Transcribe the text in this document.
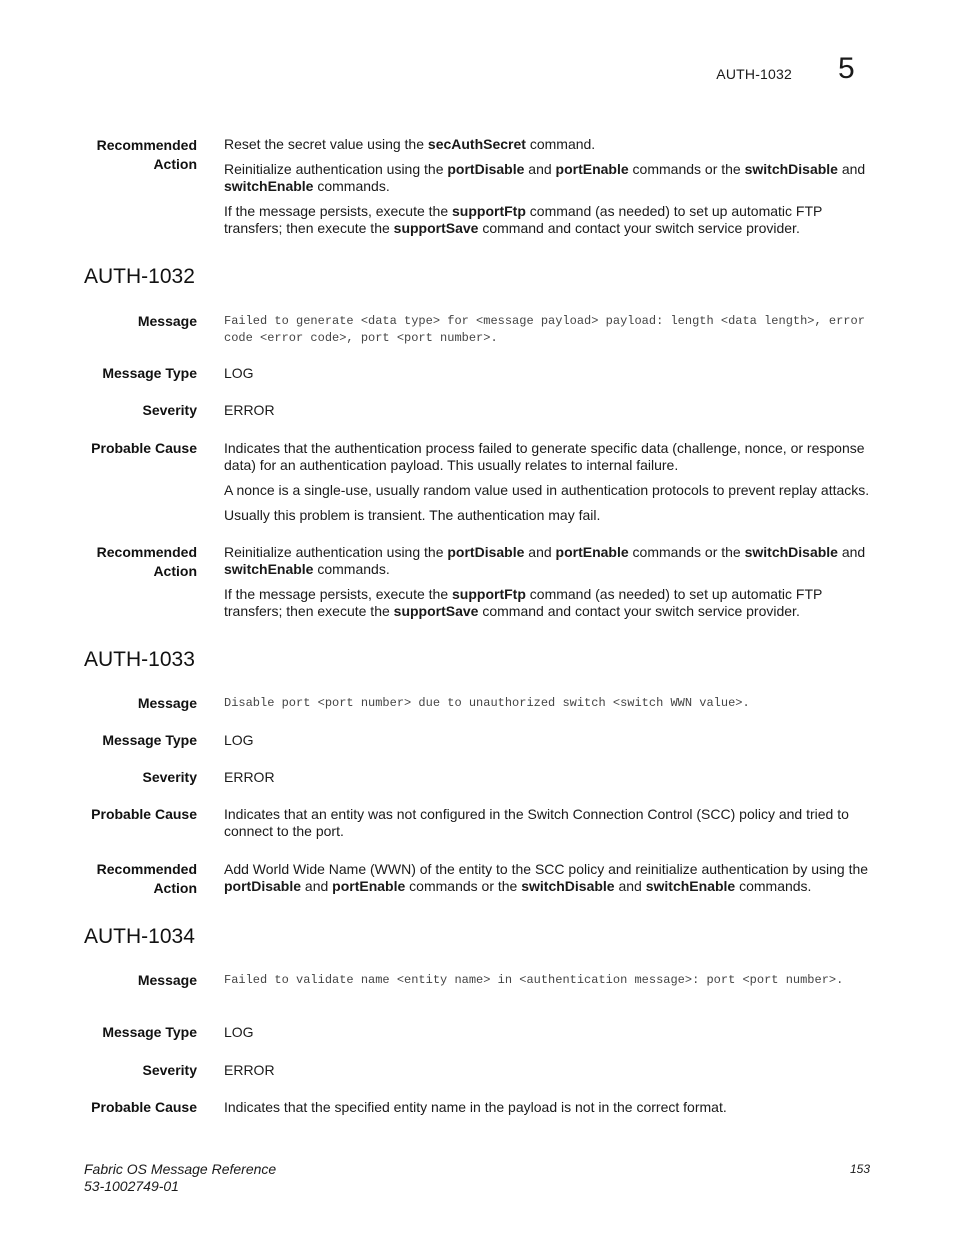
AUTH-1032 5
Recommended Action

Reset the secret value using the secAuthSecret command.

Reinitialize authentication using the portDisable and portEnable commands or the switchDisable and switchEnable commands.

If the message persists, execute the supportFtp command (as needed) to set up automatic FTP transfers; then execute the supportSave command and contact your switch service provider.

AUTH-1032
Message Failed to generate <data type> for <message payload> payload: length <data length>, error code <error code>, port <port number>.
Message Type LOG
Severity ERROR
Probable Cause Indicates that the authentication process failed to generate specific data (challenge, nonce, or response data) for an authentication payload. This usually relates to internal failure.

A nonce is a single-use, usually random value used in authentication protocols to prevent replay attacks.

Usually this problem is transient. The authentication may fail.

Recommended Action

Reinitialize authentication using the portDisable and portEnable commands or the switchDisable and switchEnable commands.

If the message persists, execute the supportFtp command (as needed) to set up automatic FTP transfers; then execute the supportSave command and contact your switch service provider.

AUTH-1033
Message Disable port <port number> due to unauthorized switch <switch WWN value>.
Message Type LOG
Severity ERROR
Probable Cause Indicates that an entity was not configured in the Switch Connection Control (SCC) policy and tried to connect to the port.

Recommended Action

Add World Wide Name (WWN) of the entity to the SCC policy and reinitialize authentication by using the portDisable and portEnable commands or the switchDisable and switchEnable commands.

AUTH-1034
Message Failed to validate name <entity name> in <authentication message>: port <port number>.
Message Type LOG
Severity ERROR
Probable Cause Indicates that the specified entity name in the payload is not in the correct format.

Fabric OS Message Reference
53-1002749-01
153
